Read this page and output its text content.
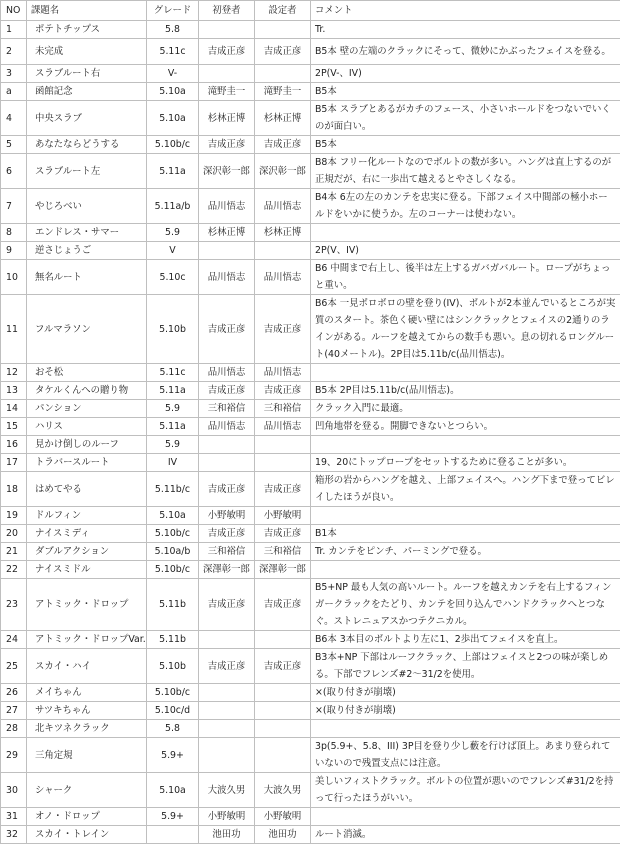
NO	課題名	グレード	初登者	設定者	コメント
1	ポテトチップス	5.8			Tr.
2	未完成	5.11c	吉成正彦	吉成正彦	B5本 壁の左端のクラックにそって、微妙にかぶったフェイスを登る。
3	スラブルート右	V-			2P(V-、IV)
a	函館記念	5.10a	滝野圭一	滝野圭一	B5本
4	中央スラブ	5.10a	杉林正博	杉林正博	B5本 スラブとあるがカチのフェース、小さいホールドをつないでいくのが面白い。
5	あなたならどうする	5.10b/c	吉成正彦	吉成正彦	B5本
6	スラブルート左	5.11a	深沢彰一郎	深沢彰一郎	B8本 フリー化ルートなのでボルトの数が多い。ハングは直上するのが正規だが、右に一歩出て越えるとやさしくなる。
7	やじろべい	5.11a/b	品川悟志	品川悟志	B4本 6左の左のカンテを忠実に登る。下部フェイス中間部の極小ホールドをいかに使うか。左のコーナーは使わない。
8	エンドレス・サマー	5.9	杉林正博	杉林正博	
9	逆さじょうご	V			2P(V、IV)
10	無名ルート	5.10c	品川悟志	品川悟志	B6 中間まで右上し、後半は左上するガバガバルート。ロープがちょっと重い。
11	フルマラソン	5.10b	吉成正彦	吉成正彦	B6本 一見ボロボロの壁を登り(IV)、ボルトが2本並んでいるところが実質のスタート。茶色く硬い壁にはシンクラックとフェイスの2通りのラインがある。ルーフを越えてからの数手も悪い。息の切れるロングルート(40メートル)。2P目は5.11b/c(品川悟志)。
12	おそ松	5.11c	品川悟志	品川悟志	
13	タケルくんへの贈り物	5.11a	吉成正彦	吉成正彦	B5本 2P目は5.11b/c(品川悟志)。
14	パンション	5.9	三和裕信	三和裕信	クラック入門に最適。
15	ハリス	5.11a	品川悟志	品川悟志	凹角地帯を登る。開脚できないとつらい。
16	見かけ倒しのルーフ	5.9			
17	トラバースルート	IV			19、20にトップロープをセットするために登ることが多い。
18	はめてやる	5.11b/c	吉成正彦	吉成正彦	箱形の岩からハングを越え、上部フェイスへ。ハング下まで登ってビレイしたほうが良い。
19	ドルフィン	5.10a	小野敏明	小野敏明	
20	ナイスミディ	5.10b/c	吉成正彦	吉成正彦	B1本
21	ダブルアクション	5.10a/b	三和裕信	三和裕信	Tr. カンテをピンチ、パーミングで登る。
22	ナイスミドル	5.10b/c	深澤彰一郎	深澤彰一郎	
23	アトミック・ドロップ	5.11b	吉成正彦	吉成正彦	B5+NP 最も人気の高いルート。ルーフを越えカンテを右上するフィンガークラックをたどり、カンテを回り込んでハンドクラックへとつなぐ。ストレニュアスかつテクニカル。
24	アトミック・ドロップVar.	5.11b			B6本 3本目のボルトより左に1、2歩出てフェイスを直上。
25	スカイ・ハイ	5.10b	吉成正彦	吉成正彦	B3本+NP 下部はルーフクラック、上部はフェイスと2つの味が楽しめる。下部でフレンズ#2〜31/2を使用。
26	メイちゃん	5.10b/c			×(取り付きが崩壊)
27	サツキちゃん	5.10c/d			×(取り付きが崩壊)
28	北キツネクラック	5.8			
29	三角定規	5.9+			3p(5.9+、5.8、III) 3P目を登り少し藪を行けば頂上。あまり登られていないので残置支点には注意。
30	シャーク	5.10a	大波久男	大波久男	美しいフィストクラック。ボルトの位置が悪いのでフレンズ#31/2を持って行ったほうがいい。
31	オノ・ドロップ	5.9+	小野敏明	小野敏明	
32	スカイ・トレイン		池田功	池田功	ルート消滅。
